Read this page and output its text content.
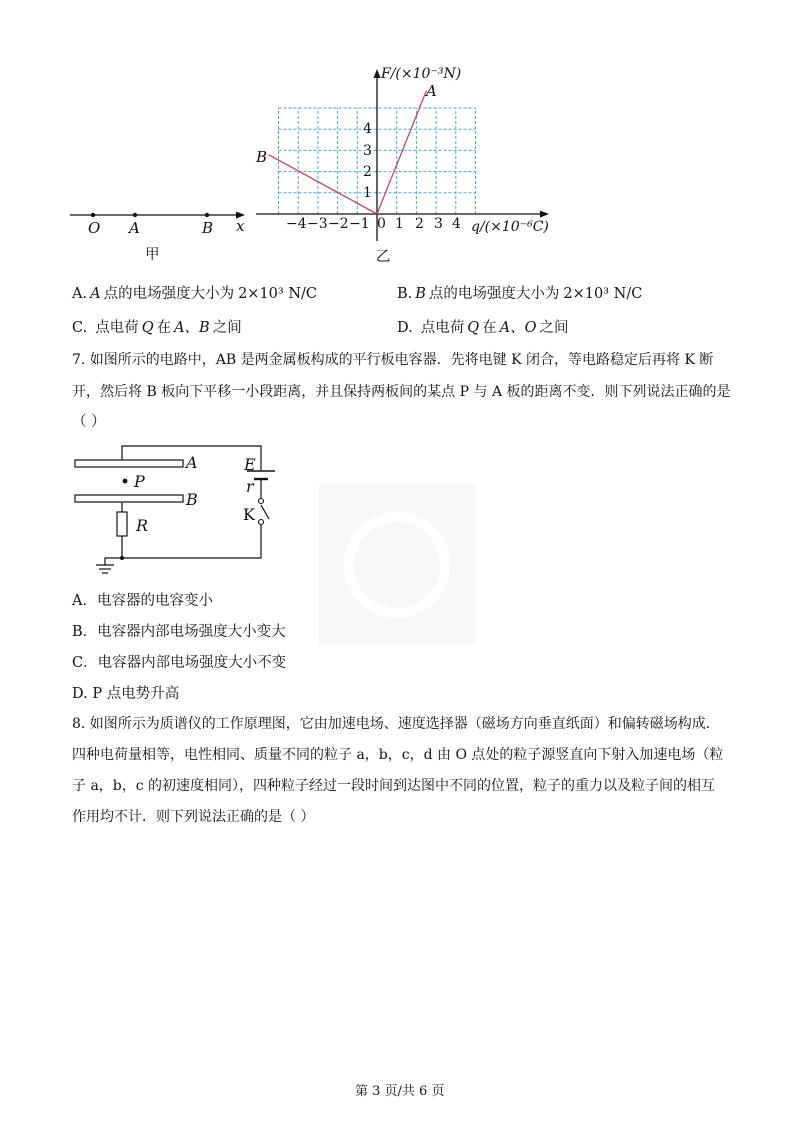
O A	B x
甲
F/(×10⁻³N)
q/(×10⁻⁶C)
4
3
2
1
−4 −3 −2 −1 0 1 2 3 4
A
B
乙
A. A 点的电场强度大小为 2×10³ N/C	B. B 点的电场强度大小为 2×10³ N/C
C. 点电荷 Q 在 A、B 之间	D. 点电荷 Q 在 A、O 之间
7. 如图所示的电路中，AB 是两金属板构成的平行板电容器．先将电键 K 闭合，等电路稳定后再将 K 断
开，然后将 B 板向下平移一小段距离，并且保持两板间的某点 P 与 A 板的距离不变．则下列说法正确的是
（ ）
A
B
P
R
E
r
K
A．电容器的电容变小
B．电容器内部电场强度大小变大
C．电容器内部电场强度大小不变
D. P 点电势升高
8. 如图所示为质谱仪的工作原理图，它由加速电场、速度选择器（磁场方向垂直纸面）和偏转磁场构成．
四种电荷量相等，电性相同、质量不同的粒子 a，b，c，d 由 O 点处的粒子源竖直向下射入加速电场（粒
子 a，b，c 的初速度相同），四种粒子经过一段时间到达图中不同的位置，粒子的重力以及粒子间的相互
作用均不计．则下列说法正确的是（ ）
第 3 页/共 6 页
